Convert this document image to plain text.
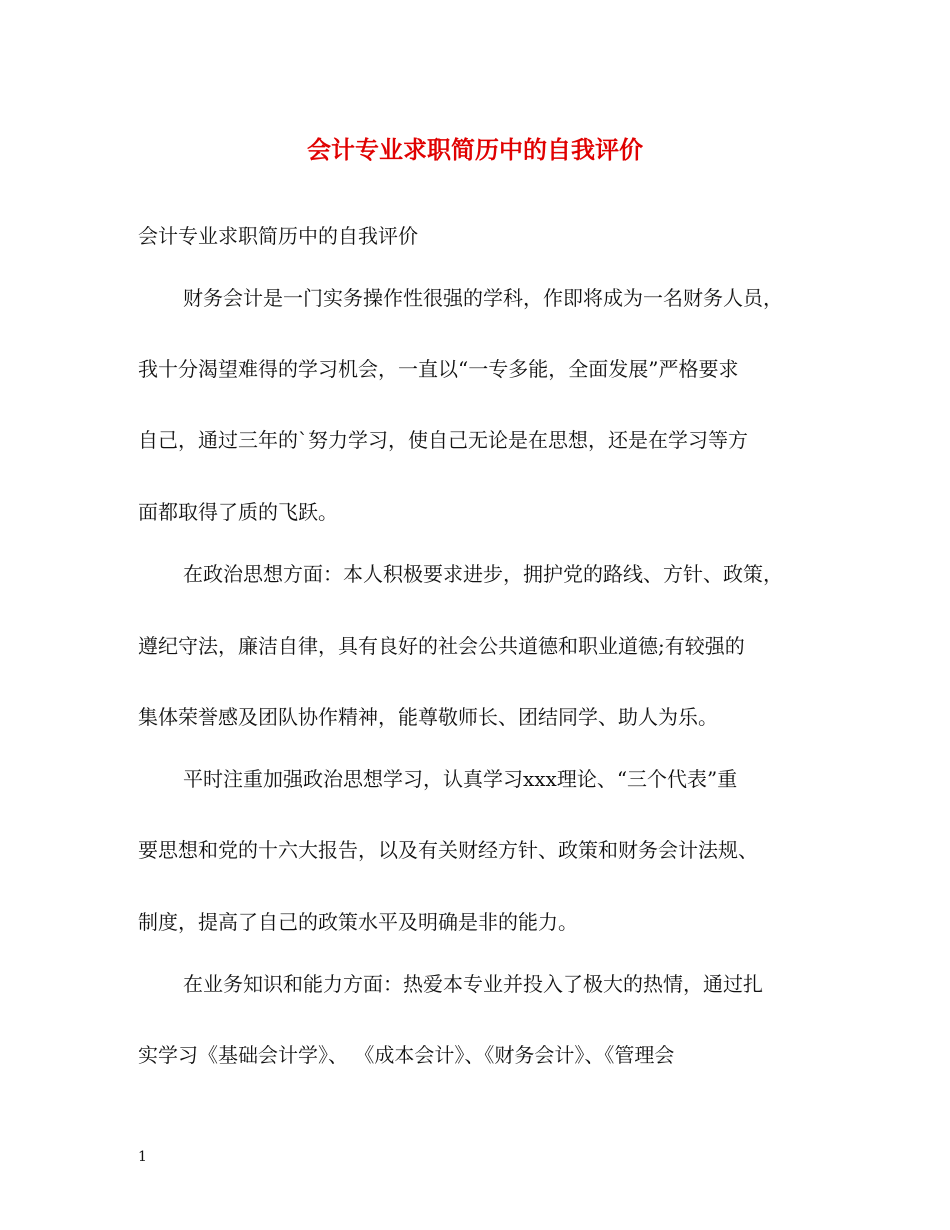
会计专业求职简历中的自我评价
会计专业求职简历中的自我评价
财务会计是一门实务操作性很强的学科，作即将成为一名财务人员，
我十分渴望难得的学习机会，一直以“一专多能，全面发展”严格要求
自己，通过三年的`努力学习，使自己无论是在思想，还是在学习等方
面都取得了质的飞跃。
在政治思想方面：本人积极要求进步，拥护党的路线、方针、政策，
遵纪守法，廉洁自律，具有良好的社会公共道德和职业道德;有较强的
集体荣誉感及团队协作精神，能尊敬师长、团结同学、助人为乐。
平时注重加强政治思想学习，认真学习xxx理论、“三个代表”重
要思想和党的十六大报告，以及有关财经方针、政策和财务会计法规、
制度，提高了自己的政策水平及明确是非的能力。
在业务知识和能力方面：热爱本专业并投入了极大的热情，通过扎
实学习《基础会计学》、 《成本会计》、《财务会计》、《管理会
1
